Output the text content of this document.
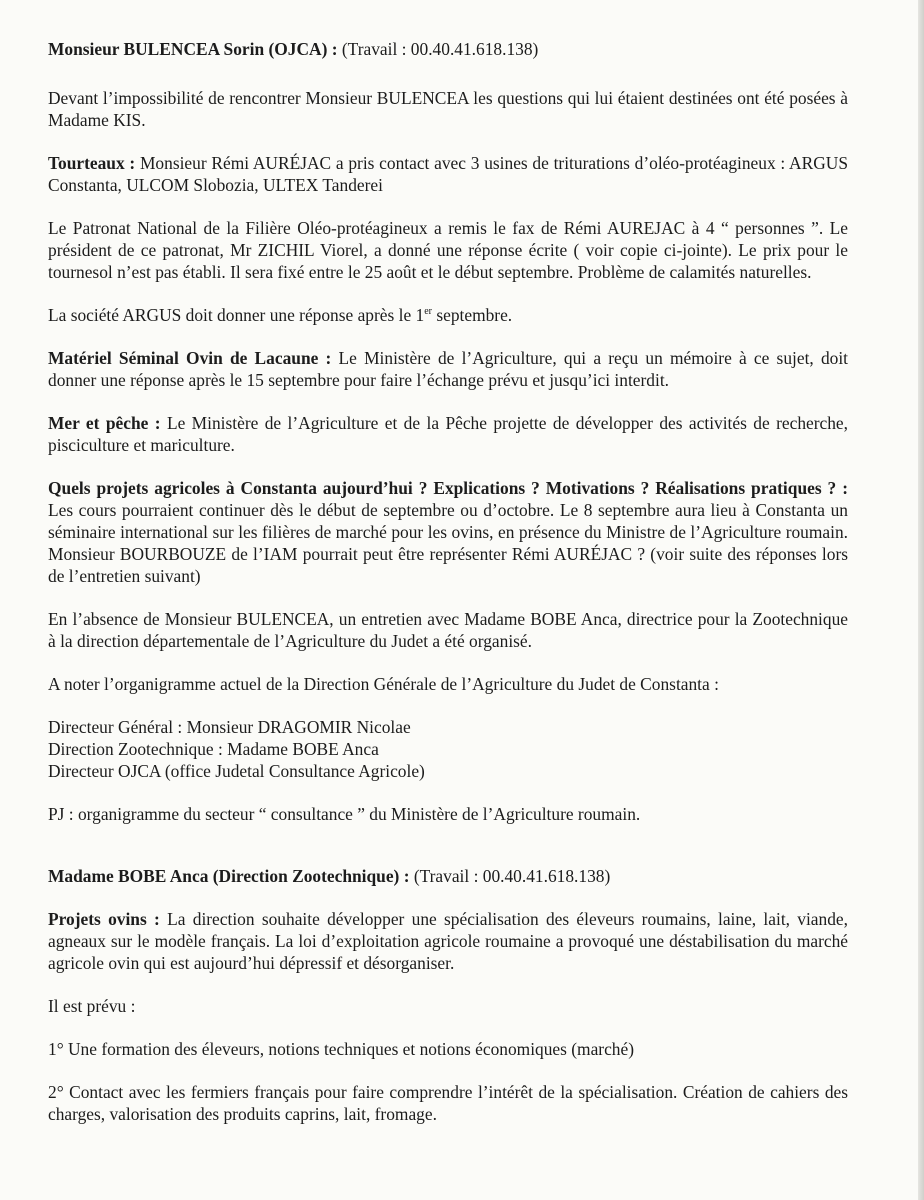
Monsieur BULENCEA Sorin (OJCA) : (Travail : 00.40.41.618.138)

Devant l’impossibilité de rencontrer Monsieur BULENCEA les questions qui lui étaient destinées ont été posées à Madame KIS.

Tourteaux : Monsieur Rémi AURÉJAC a pris contact avec 3 usines de triturations d’oléo-protéagineux : ARGUS Constanta, ULCOM Slobozia, ULTEX Tanderei

Le Patronat National de la Filière Oléo-protéagineux a remis le fax de Rémi AUREJAC à 4 “ personnes ”. Le président de ce patronat, Mr ZICHIL Viorel, a donné une réponse écrite ( voir copie ci-jointe). Le prix pour le tournesol n’est pas établi. Il sera fixé entre le 25 août et le début septembre. Problème de calamités naturelles.

La société ARGUS doit donner une réponse après le 1er septembre.

Matériel Séminal Ovin de Lacaune : Le Ministère de l’Agriculture, qui a reçu un mémoire à ce sujet, doit donner une réponse après le 15 septembre pour faire l’échange prévu et jusqu’ici interdit.

Mer et pêche : Le Ministère de l’Agriculture et de la Pêche projette de développer des activités de recherche, pisciculture et mariculture.

Quels projets agricoles à Constanta aujourd’hui ? Explications ? Motivations ? Réalisations pratiques ? : Les cours pourraient continuer dès le début de septembre ou d’octobre. Le 8 septembre aura lieu à Constanta un séminaire international sur les filières de marché pour les ovins, en présence du Ministre de l’Agriculture roumain. Monsieur BOURBOUZE de l’IAM pourrait peut être représenter Rémi AURÉJAC ? (voir suite des réponses lors de l’entretien suivant)

En l’absence de Monsieur BULENCEA, un entretien avec Madame BOBE Anca, directrice pour la Zootechnique à la direction départementale de l’Agriculture du Judet a été organisé.

A noter l’organigramme actuel de la Direction Générale de l’Agriculture du Judet de Constanta :

Directeur Général : Monsieur DRAGOMIR Nicolae
Direction Zootechnique : Madame BOBE Anca
Directeur OJCA (office Judetal Consultance Agricole)

PJ : organigramme du secteur “ consultance ” du Ministère de l’Agriculture roumain.

Madame BOBE Anca (Direction Zootechnique) : (Travail : 00.40.41.618.138)

Projets ovins : La direction souhaite développer une spécialisation des éleveurs roumains, laine, lait, viande, agneaux sur le modèle français. La loi d’exploitation agricole roumaine a provoqué une déstabilisation du marché agricole ovin qui est aujourd’hui dépressif et désorganiser.

Il est prévu :

1° Une formation des éleveurs, notions techniques et notions économiques (marché)

2° Contact avec les fermiers français pour faire comprendre l’intérêt de la spécialisation. Création de cahiers des charges, valorisation des produits caprins, lait, fromage.
